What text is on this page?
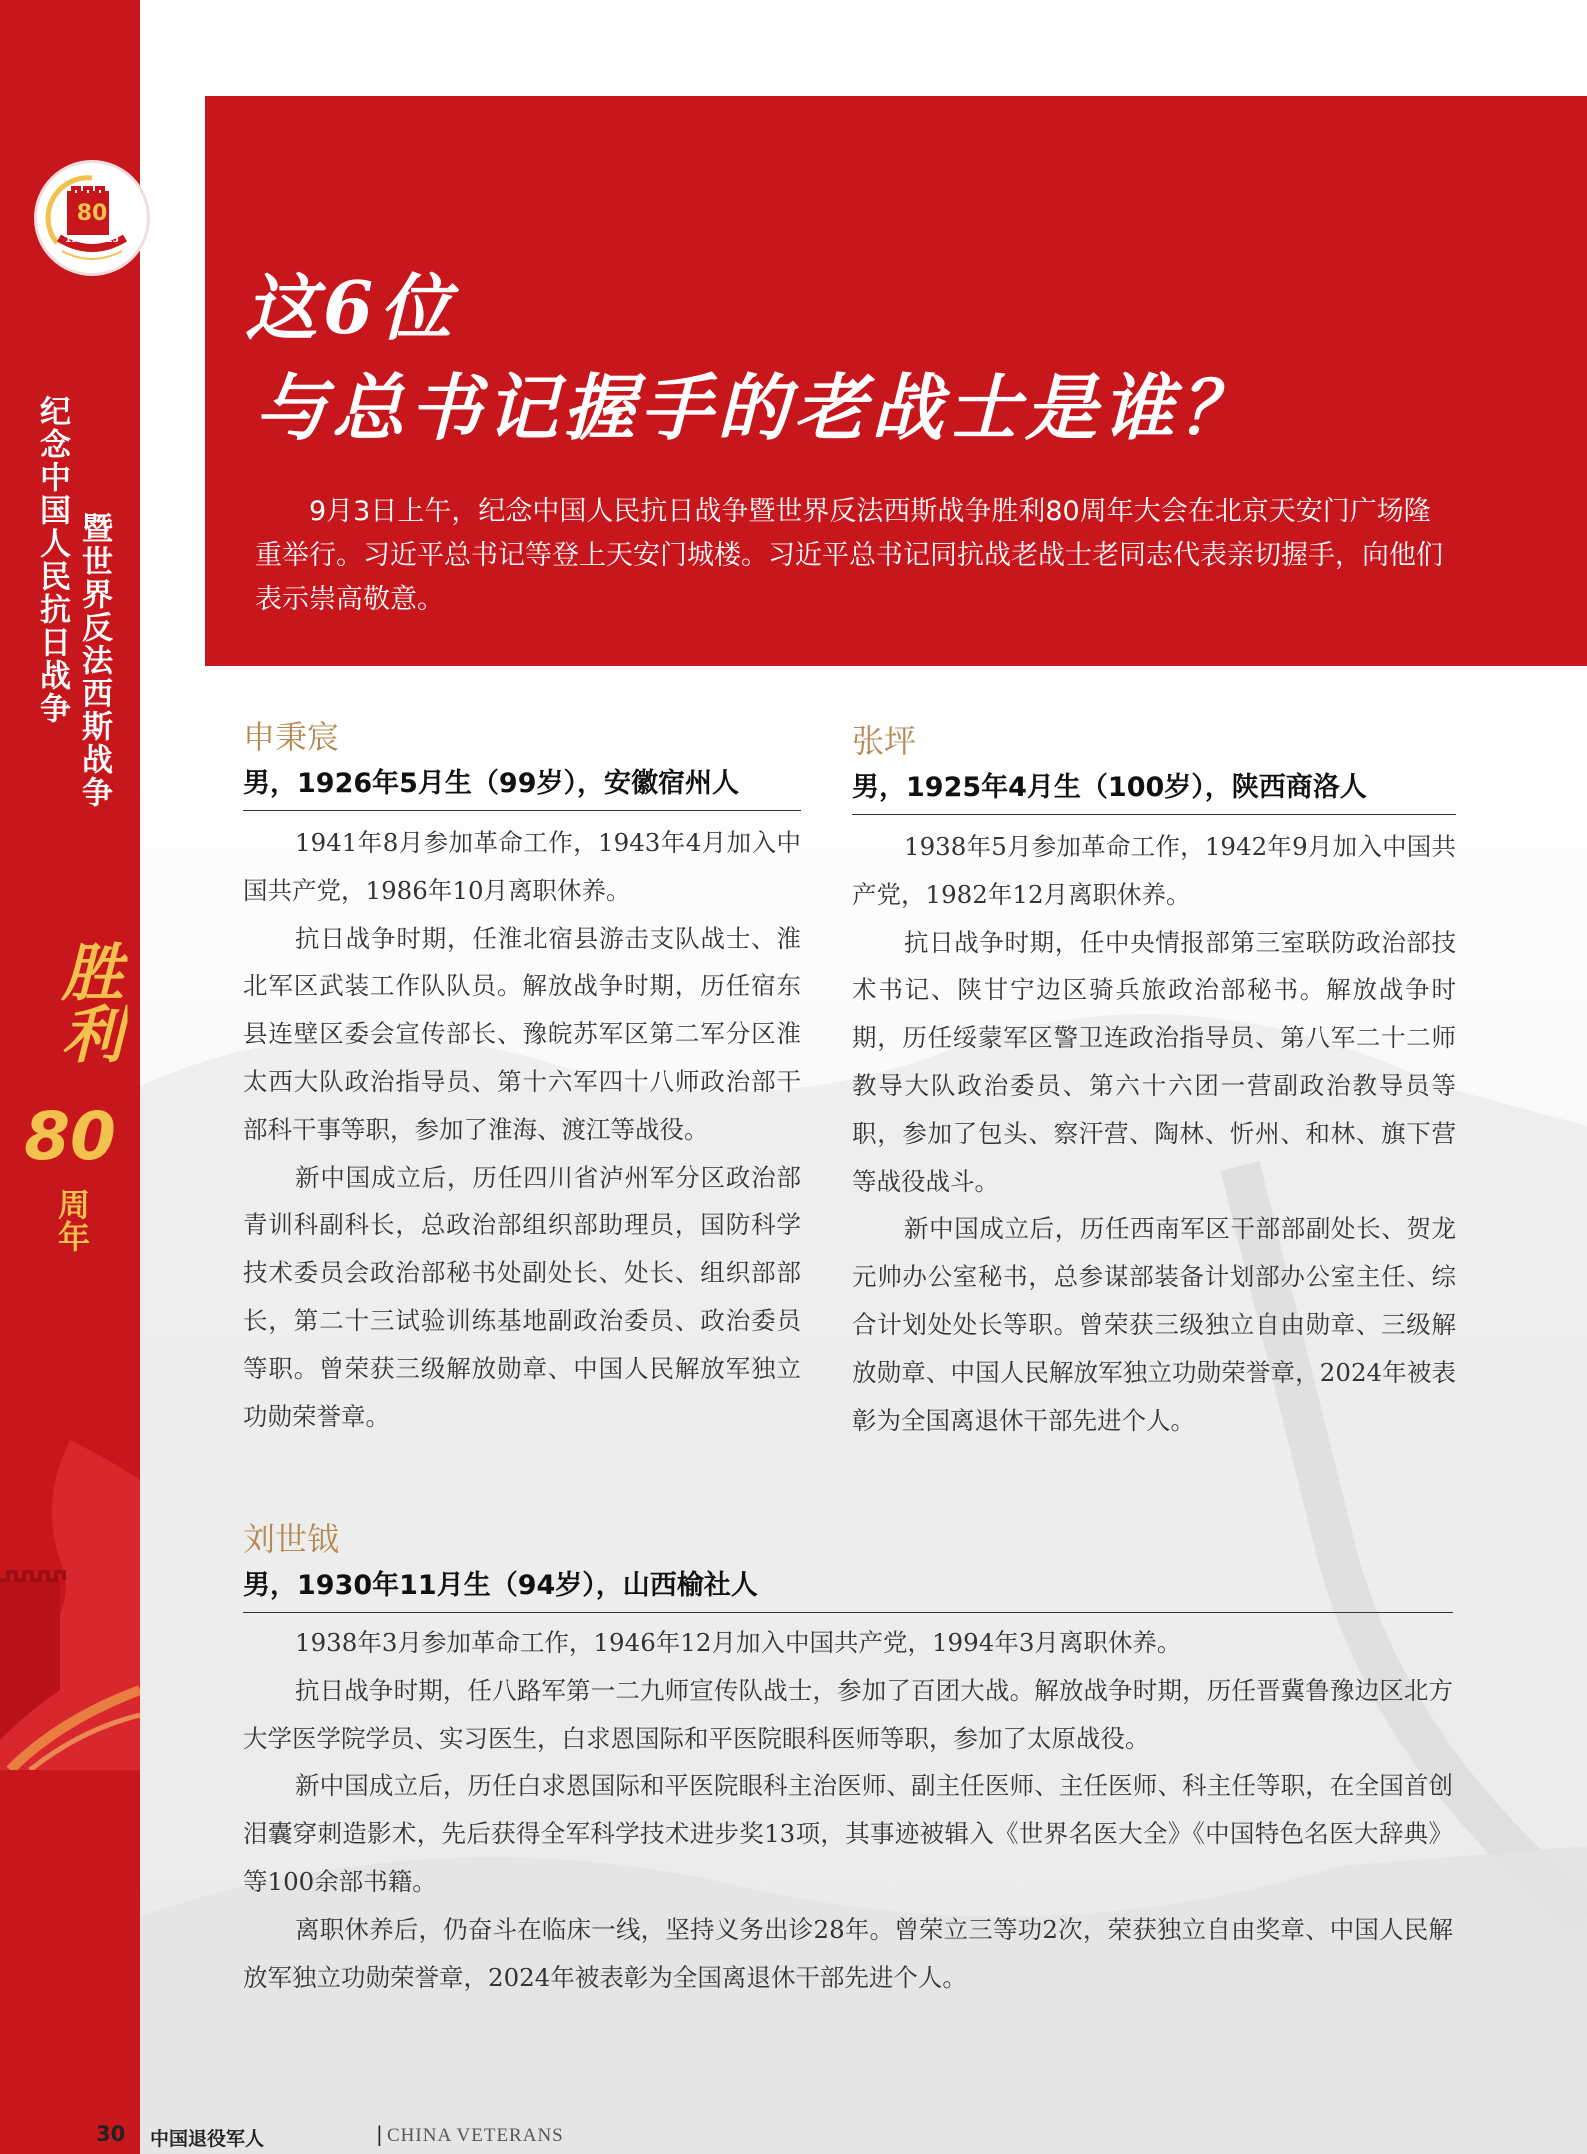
80
1945-2025
纪念中国人民抗日战争 暨世界反法西斯战争
胜利
80
周年
这6位
与总书记握手的老战士是谁？

9月3日上午，纪念中国人民抗日战争暨世界反法西斯战争胜利80周年大会在北京天安门广场隆重举行。习近平总书记等登上天安门城楼。习近平总书记同抗战老战士老同志代表亲切握手，向他们表示崇高敬意。

申秉宸
男，1926年5月生（99岁），安徽宿州人

1941年8月参加革命工作，1943年4月加入中国共产党，1986年10月离职休养。

抗日战争时期，任淮北宿县游击支队战士、淮北军区武装工作队队员。解放战争时期，历任宿东县连壁区委会宣传部长、豫皖苏军区第二军分区淮太西大队政治指导员、第十六军四十八师政治部干部科干事等职，参加了淮海、渡江等战役。

新中国成立后，历任四川省泸州军分区政治部青训科副科长，总政治部组织部助理员，国防科学技术委员会政治部秘书处副处长、处长、组织部部长，第二十三试验训练基地副政治委员、政治委员等职。曾荣获三级解放勋章、中国人民解放军独立功勋荣誉章。

张坪
男，1925年4月生（100岁），陕西商洛人

1938年5月参加革命工作，1942年9月加入中国共产党，1982年12月离职休养。

抗日战争时期，任中央情报部第三室联防政治部技术书记、陕甘宁边区骑兵旅政治部秘书。解放战争时期，历任绥蒙军区警卫连政治指导员、第八军二十二师教导大队政治委员、第六十六团一营副政治教导员等职，参加了包头、察汗营、陶林、忻州、和林、旗下营等战役战斗。

新中国成立后，历任西南军区干部部副处长、贺龙元帅办公室秘书，总参谋部装备计划部办公室主任、综合计划处处长等职。曾荣获三级独立自由勋章、三级解放勋章、中国人民解放军独立功勋荣誉章，2024年被表彰为全国离退休干部先进个人。

刘世钺
男，1930年11月生（94岁），山西榆社人

1938年3月参加革命工作，1946年12月加入中国共产党，1994年3月离职休养。

抗日战争时期，任八路军第一二九师宣传队战士，参加了百团大战。解放战争时期，历任晋冀鲁豫边区北方大学医学院学员、实习医生，白求恩国际和平医院眼科医师等职，参加了太原战役。

新中国成立后，历任白求恩国际和平医院眼科主治医师、副主任医师、主任医师、科主任等职，在全国首创泪囊穿刺造影术，先后获得全军科学技术进步奖13项，其事迹被辑入《世界名医大全》《中国特色名医大辞典》等100余部书籍。

离职休养后，仍奋斗在临床一线，坚持义务出诊28年。曾荣立三等功2次，荣获独立自由奖章、中国人民解放军独立功勋荣誉章，2024年被表彰为全国离退休干部先进个人。

30 中国退役军人	| CHINA VETERANS
